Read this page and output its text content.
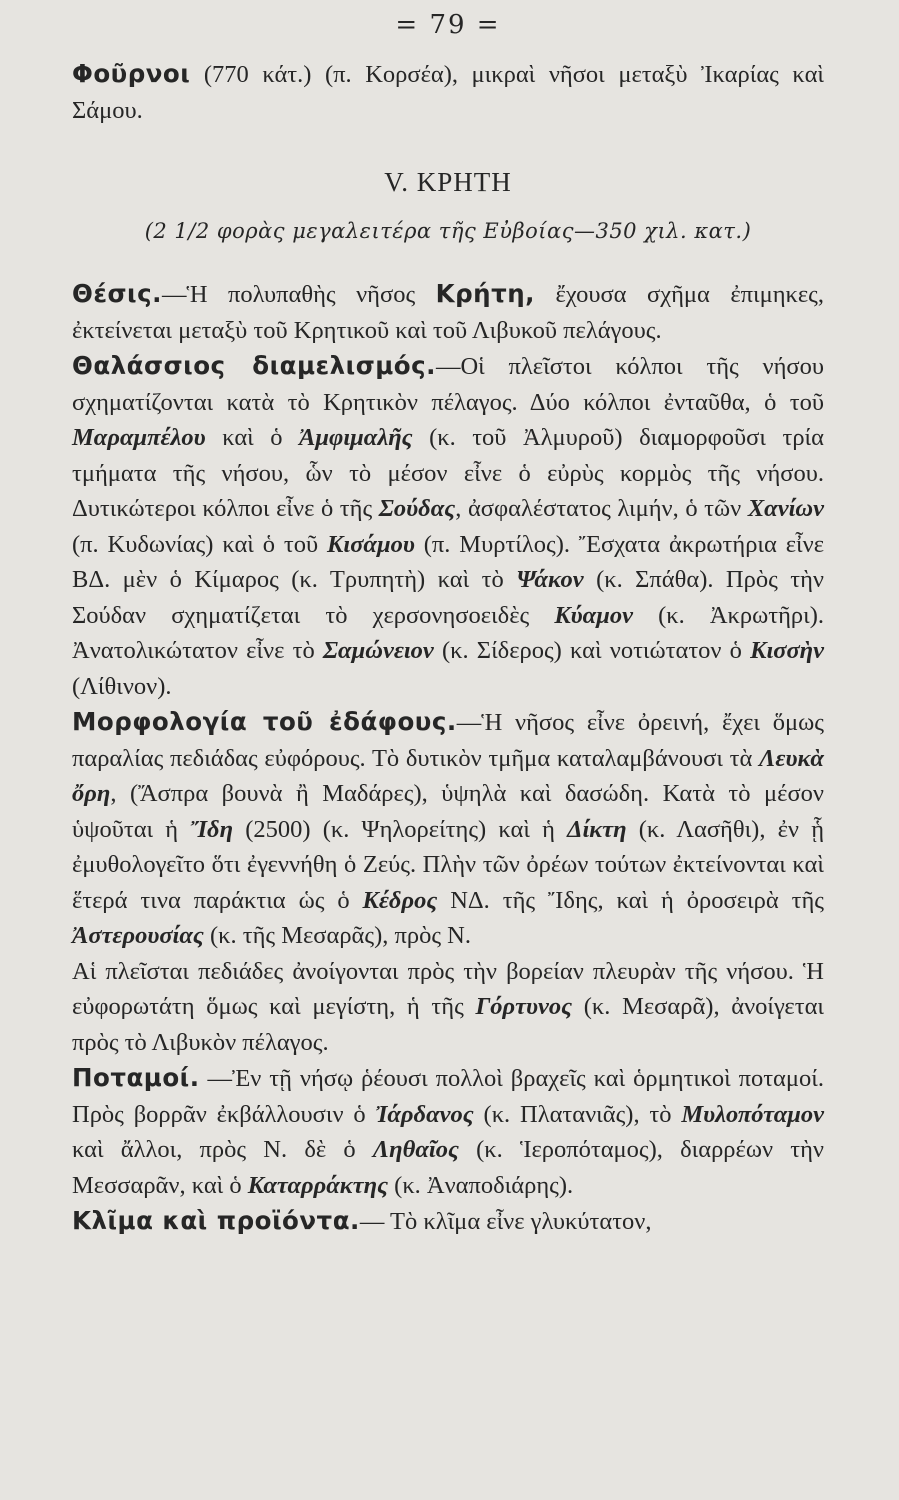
= 79 =

Φοῦρνοι (770 κάτ.) (π. Κορσέα), μικραὶ νῆσοι μεταξὺ Ἰκαρίας καὶ Σάμου.

V. ΚΡΗΤΗ
(2 1/2 φορὰς μεγαλειτέρα τῆς Εὐβοίας—350 χιλ. κατ.)

Θέσις.—Ἡ πολυπαθὴς νῆσος Κρήτη, ἔχουσα σχῆμα ἐπιμηκες, ἐκτείνεται μεταξὺ τοῦ Κρητικοῦ καὶ τοῦ Λιβυκοῦ πελάγους.

Θαλάσσιος διαμελισμός.—Οἱ πλεῖστοι κόλποι τῆς νήσου σχηματίζονται κατὰ τὸ Κρητικὸν πέλαγος. Δύο κόλποι ἐνταῦθα, ὁ τοῦ Μαραμπέλου καὶ ὁ Ἀμφιμαλῆς (κ. τοῦ Ἀλμυροῦ) διαμορφοῦσι τρία τμήματα τῆς νήσου, ὧν τὸ μέσον εἶνε ὁ εὐρὺς κορμὸς τῆς νήσου. Δυτικώτεροι κόλποι εἶνε ὁ τῆς Σούδας, ἀσφαλέστατος λιμήν, ὁ τῶν Χανίων (π. Κυδωνίας) καὶ ὁ τοῦ Κισάμου (π. Μυρτίλος). Ἔσχατα ἀκρωτήρια εἶνε ΒΔ. μὲν ὁ Κίμαρος (κ. Τρυπητὴ) καὶ τὸ Ψάκον (κ. Σπάθα). Πρὸς τὴν Σούδαν σχηματίζεται τὸ χερσονησοειδὲς Κύαμον (κ. Ἀκρωτῆρι). Ἀνατολικώτατον εἶνε τὸ Σαμώνειον (κ. Σίδερος) καὶ νοτιώτατον ὁ Κισσὴν (Λίθινον).

Μορφολογία τοῦ ἐδάφους.—Ἡ νῆσος εἶνε ὀρεινή, ἔχει ὅμως παραλίας πεδιάδας εὐφόρους. Τὸ δυτικὸν τμῆμα καταλαμβάνουσι τὰ Λευκὰ ὄρη, (Ἄσπρα βουνὰ ἢ Μαδάρες), ὑψηλὰ καὶ δασώδη. Κατὰ τὸ μέσον ὑψοῦται ἡ Ἴδη (2500) (κ. Ψηλορείτης) καὶ ἡ Δίκτη (κ. Λασῆθι), ἐν ᾗ ἐμυθολογεῖτο ὅτι ἐγεννήθη ὁ Ζεύς. Πλὴν τῶν ὀρέων τούτων ἐκτείνονται καὶ ἕτερά τινα παράκτια ὡς ὁ Κέδρος ΝΔ. τῆς Ἴδης, καὶ ἡ ὀροσειρὰ τῆς Ἀστερουσίας (κ. τῆς Μεσαρᾶς), πρὸς Ν.

Αἱ πλεῖσται πεδιάδες ἀνοίγονται πρὸς τὴν βορείαν πλευρὰν τῆς νήσου. Ἡ εὐφορωτάτη ὅμως καὶ μεγίστη, ἡ τῆς Γόρτυνος (κ. Μεσαρᾶ), ἀνοίγεται πρὸς τὸ Λιβυκὸν πέλαγος.

Ποταμοί. —Ἐν τῇ νήσῳ ῥέουσι πολλοὶ βραχεῖς καὶ ὁρμητικοὶ ποταμοί. Πρὸς βορρᾶν ἐκβάλλουσιν ὁ Ἰάρδανος (κ. Πλατανιᾶς), τὸ Μυλοπόταμον καὶ ἄλλοι, πρὸς Ν. δὲ ὁ Ληθαῖος (κ. Ἱεροπόταμος), διαρρέων τὴν Μεσσαρᾶν, καὶ ὁ Καταρράκτης (κ. Ἀναποδιάρης).

Κλῖμα καὶ προϊόντα.— Τὸ κλῖμα εἶνε γλυκύτατον,
